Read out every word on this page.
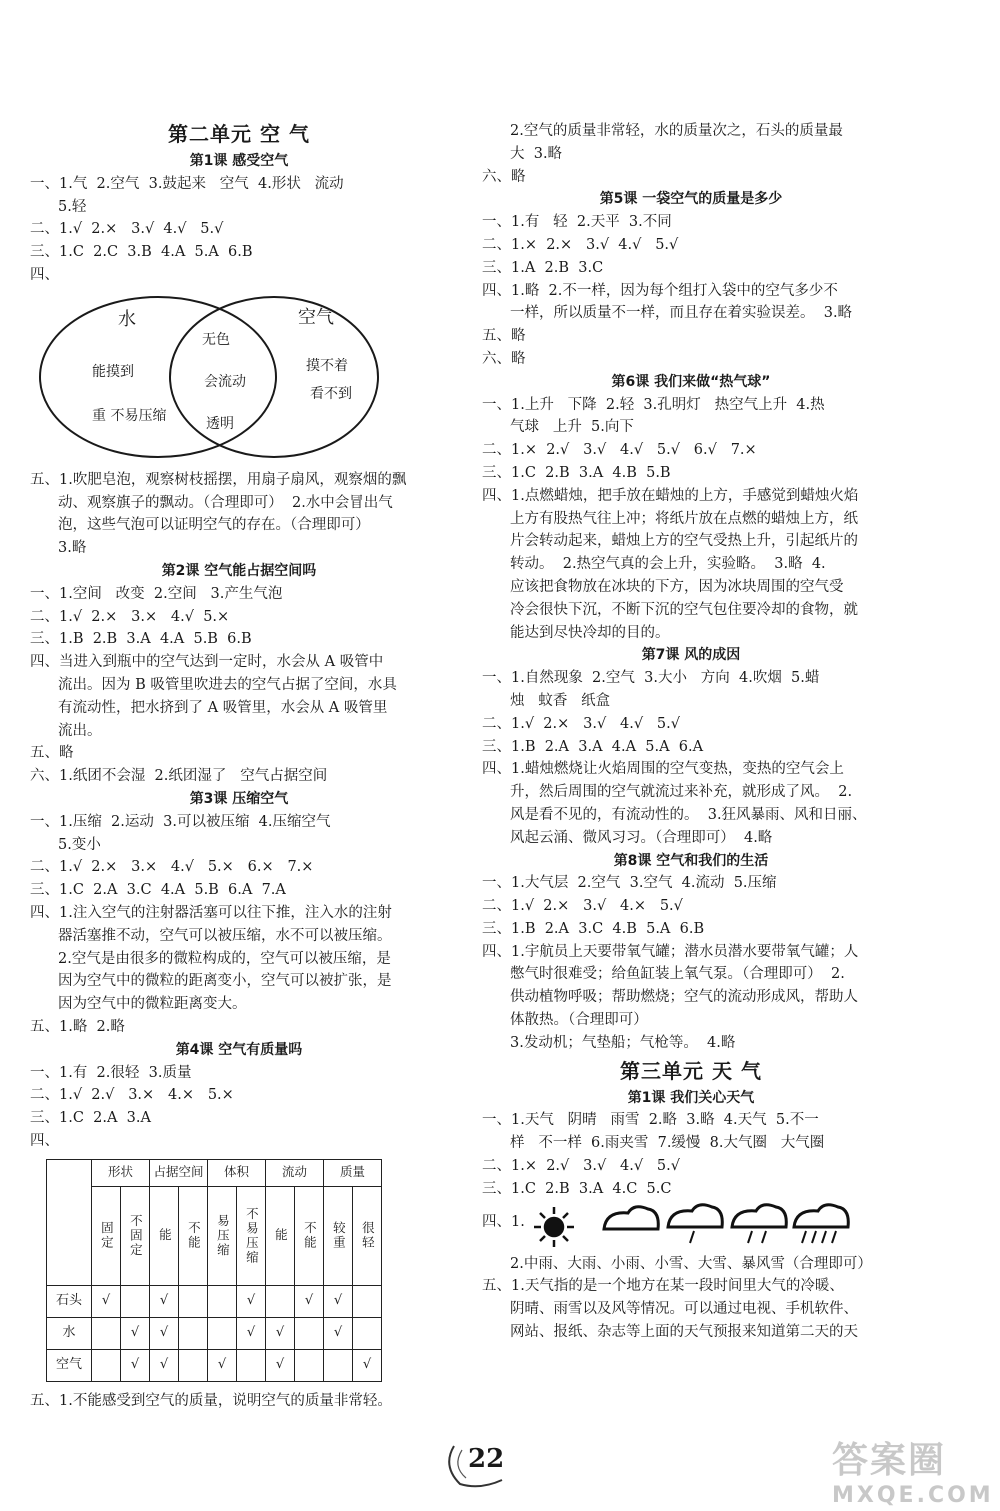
第二单元 空 气
第1课 感受空气
一、1.气  2.空气  3.鼓起来   空气  4.形状   流动
5.轻
二、1.√  2.×   3.√  4.√   5.√
三、1.C  2.C  3.B  4.A  5.A  6.B
四、
水	空气
能摸到
重 不易压缩
无色
会流动
透明
摸不着
看不到
五、1.吹肥皂泡，观察树枝摇摆，用扇子扇风，观察烟的飘
动、观察旗子的飘动。（合理即可）  2.水中会冒出气
泡，这些气泡可以证明空气的存在。（合理即可）
3.略
第2课 空气能占据空间吗
一、1.空间   改变  2.空间   3.产生气泡
二、1.√  2.×   3.×   4.√  5.×
三、1.B  2.B  3.A  4.A  5.B  6.B
四、当进入到瓶中的空气达到一定时，水会从 A 吸管中
流出。因为 B 吸管里吹进去的空气占据了空间，水具
有流动性，把水挤到了 A 吸管里，水会从 A 吸管里
流出。
五、略
六、1.纸团不会湿  2.纸团湿了   空气占据空间
第3课 压缩空气
一、1.压缩  2.运动  3.可以被压缩  4.压缩空气
5.变小
二、1.√  2.×   3.×   4.√   5.×   6.×   7.×
三、1.C  2.A  3.C  4.A  5.B  6.A  7.A
四、1.注入空气的注射器活塞可以往下推，注入水的注射
器活塞推不动，空气可以被压缩，水不可以被压缩。
2.空气是由很多的微粒构成的，空气可以被压缩，是
因为空气中的微粒的距离变小，空气可以被扩张，是
因为空气中的微粒距离变大。
五、1.略  2.略
第4课 空气有质量吗
一、1.有  2.很轻  3.质量
二、1.√  2.√   3.×   4.×   5.×
三、1.C  2.A  3.A
四、
	形状		占据空间		体积		流动		质量	
	固定	不固定	能	不能	易压缩	不易压缩	能	不能	较重	很轻
石头	√		√			√		√	√	
水		√	√			√	√		√	
空气		√	√		√		√			√
五、1.不能感受到空气的质量，说明空气的质量非常轻。
2.空气的质量非常轻，水的质量次之，石头的质量最
大  3.略
六、略
第5课 一袋空气的质量是多少
一、1.有   轻  2.天平  3.不同
二、1.×  2.×   3.√  4.√   5.√
三、1.A  2.B  3.C
四、1.略  2.不一样，因为每个组打入袋中的空气多少不
一样，所以质量不一样，而且存在着实验误差。  3.略
五、略
六、略
第6课 我们来做“热气球”
一、1.上升   下降  2.轻  3.孔明灯   热空气上升  4.热
气球   上升  5.向下
二、1.×  2.√   3.√   4.√   5.√   6.√   7.×
三、1.C  2.B  3.A  4.B  5.B
四、1.点燃蜡烛，把手放在蜡烛的上方，手感觉到蜡烛火焰
上方有股热气往上冲；将纸片放在点燃的蜡烛上方，纸
片会转动起来，蜡烛上方的空气受热上升，引起纸片的
转动。  2.热空气真的会上升，实验略。  3.略  4.
应该把食物放在冰块的下方，因为冰块周围的空气受
冷会很快下沉，不断下沉的空气包住要冷却的食物，就
能达到尽快冷却的目的。
第7课 风的成因
一、1.自然现象  2.空气  3.大小   方向  4.吹烟  5.蜡
烛   蚊香   纸盒
二、1.√  2.×   3.√   4.√   5.√
三、1.B  2.A  3.A  4.A  5.A  6.A
四、1.蜡烛燃烧让火焰周围的空气变热，变热的空气会上
升，然后周围的空气就流过来补充，就形成了风。  2.
风是看不见的，有流动性的。  3.狂风暴雨、风和日丽、
风起云涌、微风习习。（合理即可）  4.略
第8课 空气和我们的生活
一、1.大气层  2.空气  3.空气  4.流动  5.压缩
二、1.√  2.×   3.√   4.×   5.√
三、1.B  2.A  3.C  4.B  5.A  6.B
四、1.宇航员上天要带氧气罐；潜水员潜水要带氧气罐；人
憋气时很难受；给鱼缸装上氧气泵。（合理即可）  2.
供动植物呼吸；帮助燃烧；空气的流动形成风，帮助人
体散热。（合理即可）
3.发动机；气垫船；气枪等。  4.略
第三单元 天 气
第1课 我们关心天气
一、1.天气   阴晴   雨雪  2.略  3.略  4.天气  5.不一
样   不一样  6.雨夹雪  7.缓慢  8.大气圈   大气圈
二、1.×  2.√   3.√   4.√   5.√
三、1.C  2.B  3.A  4.C  5.C
四、1.
2.中雨、大雨、小雨、小雪、大雪、暴风雪（合理即可）
五、1.天气指的是一个地方在某一段时间里大气的冷暖、
阴晴、雨雪以及风等情况。可以通过电视、手机软件、
网站、报纸、杂志等上面的天气预报来知道第二天的天
22	答案圈
MXQE.COM
